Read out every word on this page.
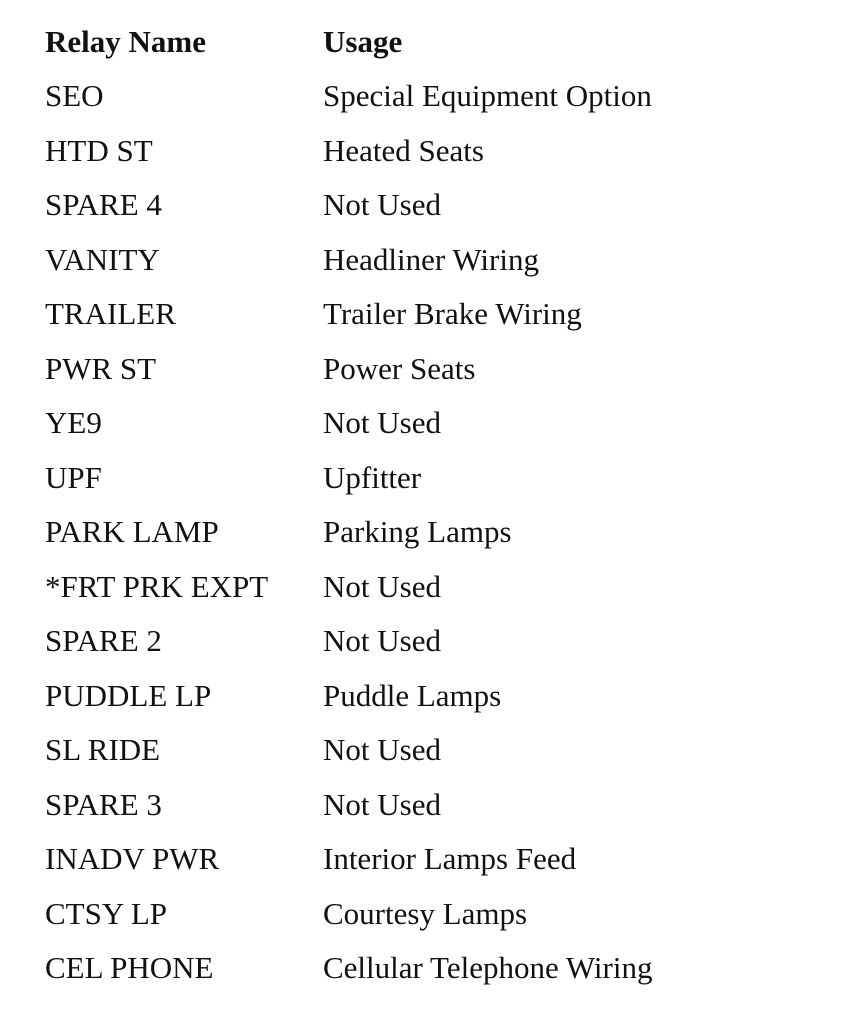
Relay Name	Usage
SEO	Special Equipment Option
HTD ST	Heated Seats
SPARE 4	Not Used
VANITY	Headliner Wiring
TRAILER	Trailer Brake Wiring
PWR ST	Power Seats
YE9	Not Used
UPF	Upfitter
PARK LAMP	Parking Lamps
*FRT PRK EXPT	Not Used
SPARE 2	Not Used
PUDDLE LP	Puddle Lamps
SL RIDE	Not Used
SPARE 3	Not Used
INADV PWR	Interior Lamps Feed
CTSY LP	Courtesy Lamps
CEL PHONE	Cellular Telephone Wiring
